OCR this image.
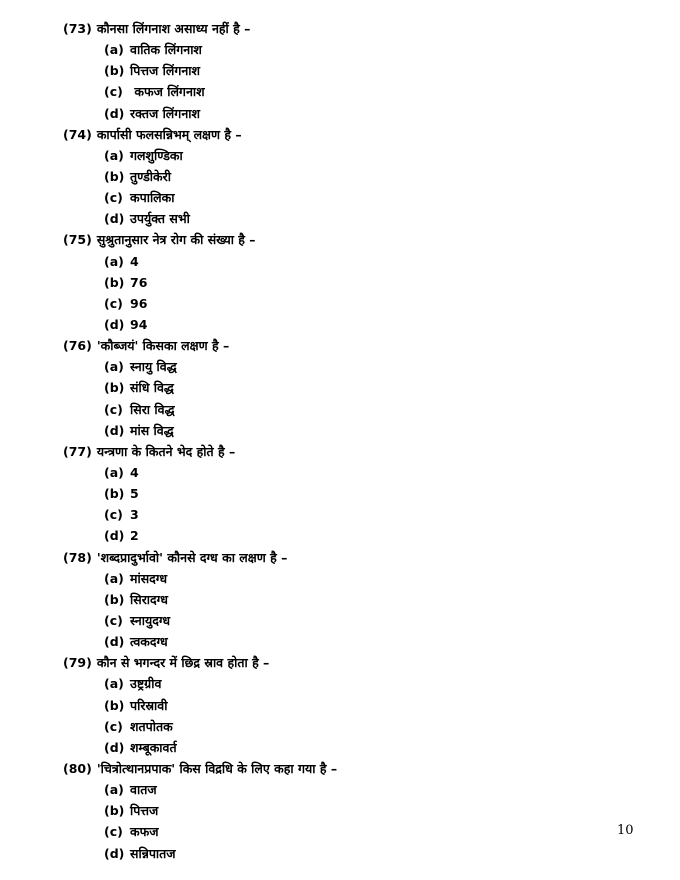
(73) कौनसा लिंगनाश असाध्य नहीं है –
(a) वातिक लिंगनाश
(b) पित्तज लिंगनाश
(c) कफज लिंगनाश
(d) रक्तज लिंगनाश
(74) कार्पासी फलसन्निभम् लक्षण है –
(a) गलशुण्डिका
(b) तुण्डीकेरी
(c) कपालिका
(d) उपर्युक्त सभी
(75) सुश्रुतानुसार नेत्र रोग की संख्या है –
(a) 4
(b) 76
(c) 96
(d) 94
(76) 'कौब्जयं' किसका लक्षण है –
(a) स्नायु विद्ध
(b) संधि विद्ध
(c) सिरा विद्ध
(d) मांस विद्ध
(77) यन्त्रणा के कितने भेद होते है –
(a) 4
(b) 5
(c) 3
(d) 2
(78) 'शब्दप्रादुर्भावो' कौनसे दग्ध का लक्षण है –
(a) मांसदग्ध
(b) सिरादग्ध
(c) स्नायुदग्ध
(d) त्वकदग्ध
(79) कौन से भगन्दर में छिद्र स्राव होता है –
(a) उष्ट्रग्रीव
(b) परिस्रावी
(c) शतपोतक
(d) शम्बूकावर्त
(80) 'चित्रोत्थानप्रपाक' किस विद्रधि के लिए कहा गया है –
(a) वातज
(b) पित्तज
(c) कफज
(d) सन्निपातज
10
